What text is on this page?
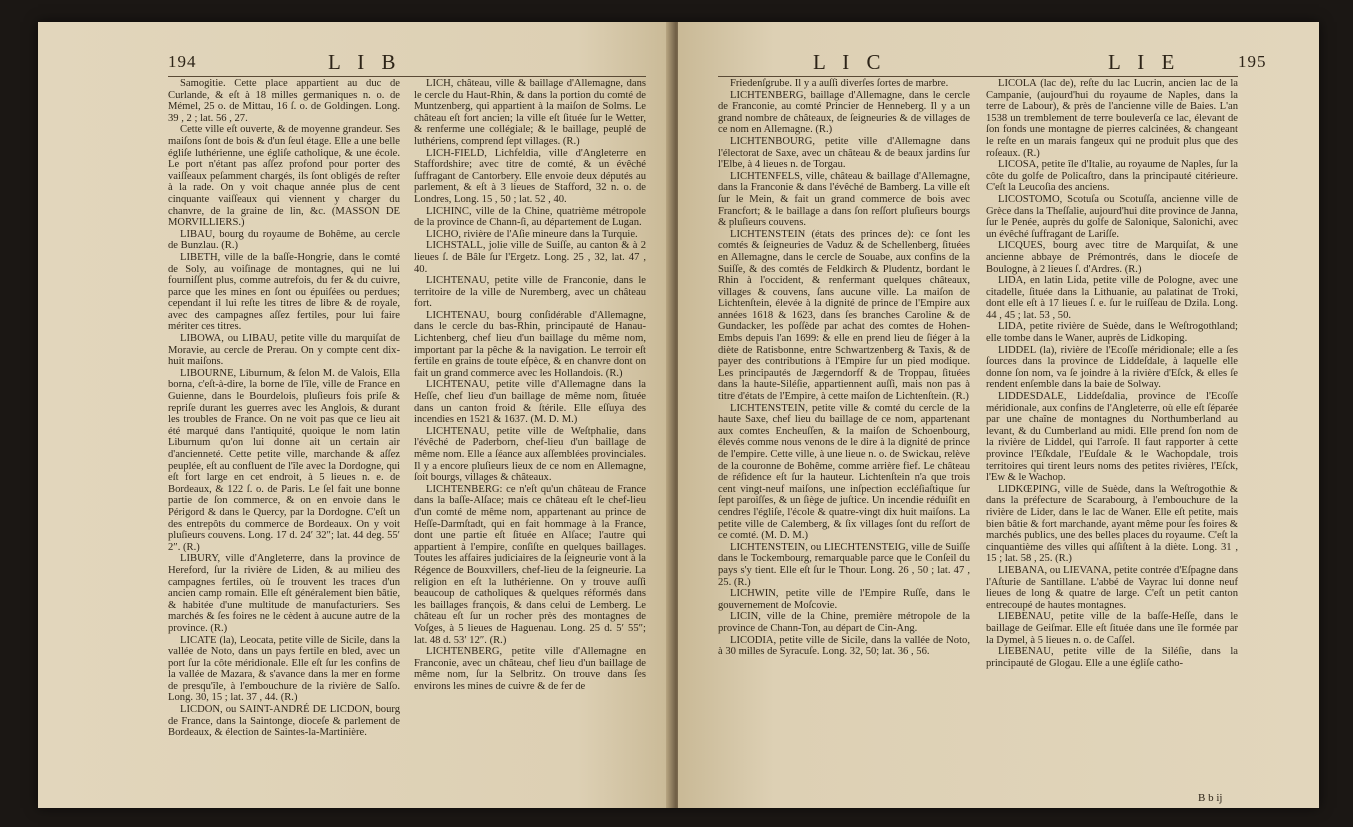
194	L I B

Samogitie. Cette place appartient au duc de Curlande, & eſt à 18 milles germaniques n. o. de Mémel, 25 o. de Mittau, 16 ſ. o. de Goldingen. Long. 39 , 2 ; lat. 56 , 27.

Cette ville eſt ouverte, & de moyenne grandeur. Ses maiſons ſont de bois & d'un ſeul étage. Elle a une belle égliſe luthérienne, une égliſe catholique, & une école. Le port n'étant pas aſſez profond pour porter des vaiſſeaux peſamment chargés, ils ſont obligés de reſter à la rade. On y voit chaque année plus de cent cinquante vaiſſeaux qui viennent y charger du chanvre, de la graine de lin, &c. (MASSON DE MORVILLIERS.)

LIBAU, bourg du royaume de Bohême, au cercle de Bunzlau. (R.)

LIBETH, ville de la baſſe-Hongrie, dans le comté de Soly, au voiſinage de montagnes, qui ne lui fourniſſent plus, comme autrefois, du fer & du cuivre, parce que les mines en ſont ou épuiſées ou perdues; cependant il lui reſte les titres de libre & de royale, avec des campagnes aſſez fertiles, pour lui faire mériter ces titres.

LIBOWA, ou LIBAU, petite ville du marquiſat de Moravie, au cercle de Prerau. On y compte cent dix-huit maiſons.

LIBOURNE, Liburnum, & ſelon M. de Valois, Ella borna, c'eſt-à-dire, la borne de l'île, ville de France en Guienne, dans le Bourdelois, pluſieurs fois priſe & repriſe durant les guerres avec les Anglois, & durant les troubles de France. On ne voit pas que ce lieu ait été marqué dans l'antiquité, quoique le nom latin Liburnum qu'on lui donne ait un certain air d'ancienneté. Cette petite ville, marchande & aſſez peuplée, eſt au confluent de l'île avec la Dordogne, qui eſt fort large en cet endroit, à 5 lieues n. e. de Bordeaux, & 122 ſ. o. de Paris. Le ſel fait une bonne partie de ſon commerce, & on en envoie dans le Périgord & dans le Quercy, par la Dordogne. C'eſt un des entrepôts du commerce de Bordeaux. On y voit pluſieurs couvens. Long. 17 d. 24′ 32″; lat. 44 deg. 55′ 2″. (R.)

LIBURY, ville d'Angleterre, dans la province de Hereford, ſur la rivière de Liden, & au milieu des campagnes fertiles, où ſe trouvent les traces d'un ancien camp romain. Elle eſt généralement bien bâtie, & habitée d'une multitude de manufacturiers. Ses marchés & ſes foires ne le cèdent à aucune autre de la province. (R.)

LICATE (la), Leocata, petite ville de Sicile, dans la vallée de Noto, dans un pays fertile en bled, avec un port ſur la côte méridionale. Elle eſt ſur les confins de la vallée de Mazara, & s'avance dans la mer en forme de presqu'île, à l'embouchure de la rivière de Salſo. Long. 30, 15 ; lat. 37 , 44. (R.)

LICDON, ou SAINT-ANDRÉ DE LICDON, bourg de France, dans la Saintonge, dioceſe & parlement de Bordeaux, & élection de Saintes-la-Martinière.

LICH, château, ville & baillage d'Allemagne, dans le cercle du Haut-Rhin, & dans la portion du comté de Muntzenberg, qui appartient à la maiſon de Solms. Le château eſt fort ancien; la ville eſt ſituée ſur le Wetter, & renferme une collégiale; & le baillage, peuplé de luthériens, comprend ſept villages. (R.)

LICH-FIELD, Lichfeldia, ville d'Angleterre en Staffordshire; avec titre de comté, & un évêché ſuffragant de Cantorbery. Elle envoie deux députés au parlement, & eſt à 3 lieues de Stafford, 32 n. o. de Londres, Long. 15 , 50 ; lat. 52 , 40.

LICHINC, ville de la Chine, quatrième métropole de la province de Chann-ſi, au département de Lugan.

LICHO, rivière de l'Aſie mineure dans la Turquie.

LICHSTALL, jolie ville de Suiſſe, au canton & à 2 lieues ſ. de Bâle ſur l'Ergetz. Long. 25 , 32, lat. 47 , 40.

LICHTENAU, petite ville de Franconie, dans le territoire de la ville de Nuremberg, avec un château fort.

LICHTENAU, bourg conſidérable d'Allemagne, dans le cercle du bas-Rhin, principauté de Hanau-Lichtenberg, chef lieu d'un baillage du même nom, important par la pêche & la navigation. Le terroir eſt fertile en grains de toute eſpèce, & en chanvre dont on fait un grand commerce avec les Hollandois. (R.)

LICHTENAU, petite ville d'Allemagne dans la Heſſe, chef lieu d'un baillage de même nom, ſituée dans un canton froid & ſtérile. Elle eſſuya des incendies en 1521 & 1637. (M. D. M.)

LICHTENAU, petite ville de Weſtphalie, dans l'évêché de Paderborn, chef-lieu d'un baillage de même nom. Elle a ſéance aux aſſemblées provinciales. Il y a encore pluſieurs lieux de ce nom en Allemagne, ſoit bourgs, villages & châteaux.

LICHTENBERG: ce n'eſt qu'un château de France dans la baſſe-Alſace; mais ce château eſt le chef-lieu d'un comté de même nom, appartenant au prince de Heſſe-Darmſtadt, qui en fait hommage à la France, dont une partie eſt ſituée en Alſace; l'autre qui appartient à l'empire, conſiſte en quelques baillages. Toutes les affaires judiciaires de la ſeigneurie vont à la Régence de Bouxvillers, chef-lieu de la ſeigneurie. La religion en eſt la luthérienne. On y trouve auſſi beaucoup de catholiques & quelques réformés dans les baillages françois, & dans celui de Lemberg. Le château eſt ſur un rocher près des montagnes de Voſges, à 5 lieues de Haguenau. Long. 25 d. 5′ 55″; lat. 48 d. 53′ 12″. (R.)

LICHTENBERG, petite ville d'Allemagne en Franconie, avec un château, chef lieu d'un baillage de même nom, ſur la Selbritz. On trouve dans ſes environs les mines de cuivre & de fer de

L I C	L I E	195

Friedenſgrube. Il y a auſſi diverſes ſortes de marbre.

LICHTENBERG, baillage d'Allemagne, dans le cercle de Franconie, au comté Princier de Henneberg. Il y a un grand nombre de châteaux, de ſeigneuries & de villages de ce nom en Allemagne. (R.)

LICHTENBOURG, petite ville d'Allemagne dans l'électorat de Saxe, avec un château & de beaux jardins ſur l'Elbe, à 4 lieues n. de Torgau.

LICHTENFELS, ville, château & baillage d'Allemagne, dans la Franconie & dans l'évêché de Bamberg. La ville eſt ſur le Mein, & fait un grand commerce de bois avec Francfort; & le baillage a dans ſon reſſort pluſieurs bourgs & pluſieurs couvens.

LICHTENSTEIN (états des princes de): ce ſont les comtés & ſeigneuries de Vaduz & de Schellenberg, ſituées en Allemagne, dans le cercle de Souabe, aux confins de la Suiſſe, & des comtés de Feldkirch & Pludentz, bordant le Rhin à l'occident, & renfermant quelques châteaux, villages & couvens, ſans aucune ville. La maiſon de Lichtenſtein, élevée à la dignité de prince de l'Empire aux années 1618 & 1623, dans ſes branches Caroline & de Gundacker, les poſſède par achat des comtes de Hohen-Embs depuis l'an 1699: & elle en prend lieu de ſiéger à la diète de Ratisbonne, entre Schwartzenberg & Taxis, & de payer des contributions à l'Empire ſur un pied modique. Les principautés de Jægerndorff & de Troppau, ſituées dans la haute-Siléſie, appartiennent auſſi, mais non pas à titre d'états de l'Empire, à cette maiſon de Lichtenſtein. (R.)

LICHTENSTEIN, petite ville & comté du cercle de la haute Saxe, chef lieu du baillage de ce nom, appartenant aux comtes Encheuſſen, & la maiſon de Schoenbourg, élevés comme nous venons de le dire à la dignité de prince de l'empire. Cette ville, à une lieue n. o. de Swickau, relève de la couronne de Bohême, comme arrière fief. Le château de réſidence eſt ſur la hauteur. Lichtenſtein n'a que trois cent vingt-neuf maiſons, une inſpection eccléſiaſtique ſur ſept paroiſſes, & un ſiège de juſtice. Un incendie réduiſit en cendres l'égliſe, l'école & quatre-vingt dix huit maiſons. La petite ville de Calemberg, & ſix villages ſont du reſſort de ce comté. (M. D. M.)

LICHTENSTEIN, ou LIECHTENSTEIG, ville de Suiſſe dans le Tockembourg, remarquable parce que le Conſeil du pays s'y tient. Elle eſt ſur le Thour. Long. 26 , 50 ; lat. 47 , 25. (R.)

LICHWIN, petite ville de l'Empire Ruſſe, dans le gouvernement de Moſcovie.

LICIN, ville de la Chine, première métropole de la province de Chann-Ton, au départ de Cin-Ang.

LICODIA, petite ville de Sicile, dans la vallée de Noto, à 30 milles de Syracuſe. Long. 32, 50; lat. 36 , 56.

LICOLA (lac de), reſte du lac Lucrin, ancien lac de la Campanie, (aujourd'hui du royaume de Naples, dans la terre de Labour), & près de l'ancienne ville de Baies. L'an 1538 un tremblement de terre bouleverſa ce lac, élevant de ſon fonds une montagne de pierres calcinées, & changeant le reſte en un marais fangeux qui ne produit plus que des roſeaux. (R.)

LICOSA, petite île d'Italie, au royaume de Naples, ſur la côte du golfe de Policaſtro, dans la principauté citérieure. C'eſt la Leucoſia des anciens.

LICOSTOMO, Scotuſa ou Scotuſſa, ancienne ville de Grèce dans la Theſſalie, aujourd'hui dite province de Janna, ſur le Penée, auprès du golfe de Salonique, Salonichi, avec un évêché ſuffragant de Lariſſe.

LICQUES, bourg avec titre de Marquiſat, & une ancienne abbaye de Prémontrés, dans le dioceſe de Boulogne, à 2 lieues ſ. d'Ardres. (R.)

LIDA, en latin Lida, petite ville de Pologne, avec une citadelle, ſituée dans la Lithuanie, au palatinat de Troki, dont elle eſt à 17 lieues ſ. e. ſur le ruiſſeau de Dzila. Long. 44 , 45 ; lat. 53 , 50.

LIDA, petite rivière de Suède, dans le Weſtrogothland; elle tombe dans le Waner, auprès de Lidkoping.

LIDDEL (la), rivière de l'Ecoſſe méridionale; elle a ſes ſources dans la province de Liddeſdale, à laquelle elle donne ſon nom, va ſe joindre à la rivière d'Eſck, & elles ſe rendent enſemble dans la baie de Solway.

LIDDESDALE, Liddeſdalia, province de l'Ecoſſe méridionale, aux confins de l'Angleterre, où elle eſt ſéparée par une chaîne de montagnes du Northumberland au levant, & du Cumberland au midi. Elle prend ſon nom de la rivière de Liddel, qui l'arroſe. Il faut rapporter à cette province l'Eſkdale, l'Euſdale & le Wachopdale, trois territoires qui tirent leurs noms des petites rivières, l'Eſck, l'Ew & le Wachop.

LIDKŒPING, ville de Suède, dans la Weſtrogothie & dans la préfecture de Scarabourg, à l'embouchure de la rivière de Lider, dans le lac de Waner. Elle eſt petite, mais bien bâtie & fort marchande, ayant même pour ſes foires & marchés publics, une des belles places du royaume. C'eſt la cinquantième des villes qui aſſiſtent à la diète. Long. 31 , 15 ; lat. 58 , 25. (R.)

LIEBANA, ou LIEVANA, petite contrée d'Eſpagne dans l'Aſturie de Santillane. L'abbé de Vayrac lui donne neuf lieues de long & quatre de large. C'eſt un petit canton entrecoupé de hautes montagnes.

LIEBENAU, petite ville de la baſſe-Heſſe, dans le baillage de Geiſmar. Elle eſt ſituée dans une île formée par la Dymel, à 5 lieues n. o. de Caſſel.

LIEBENAU, petite ville de la Siléſie, dans la principauté de Glogau. Elle a une égliſe catho-

B b ij
